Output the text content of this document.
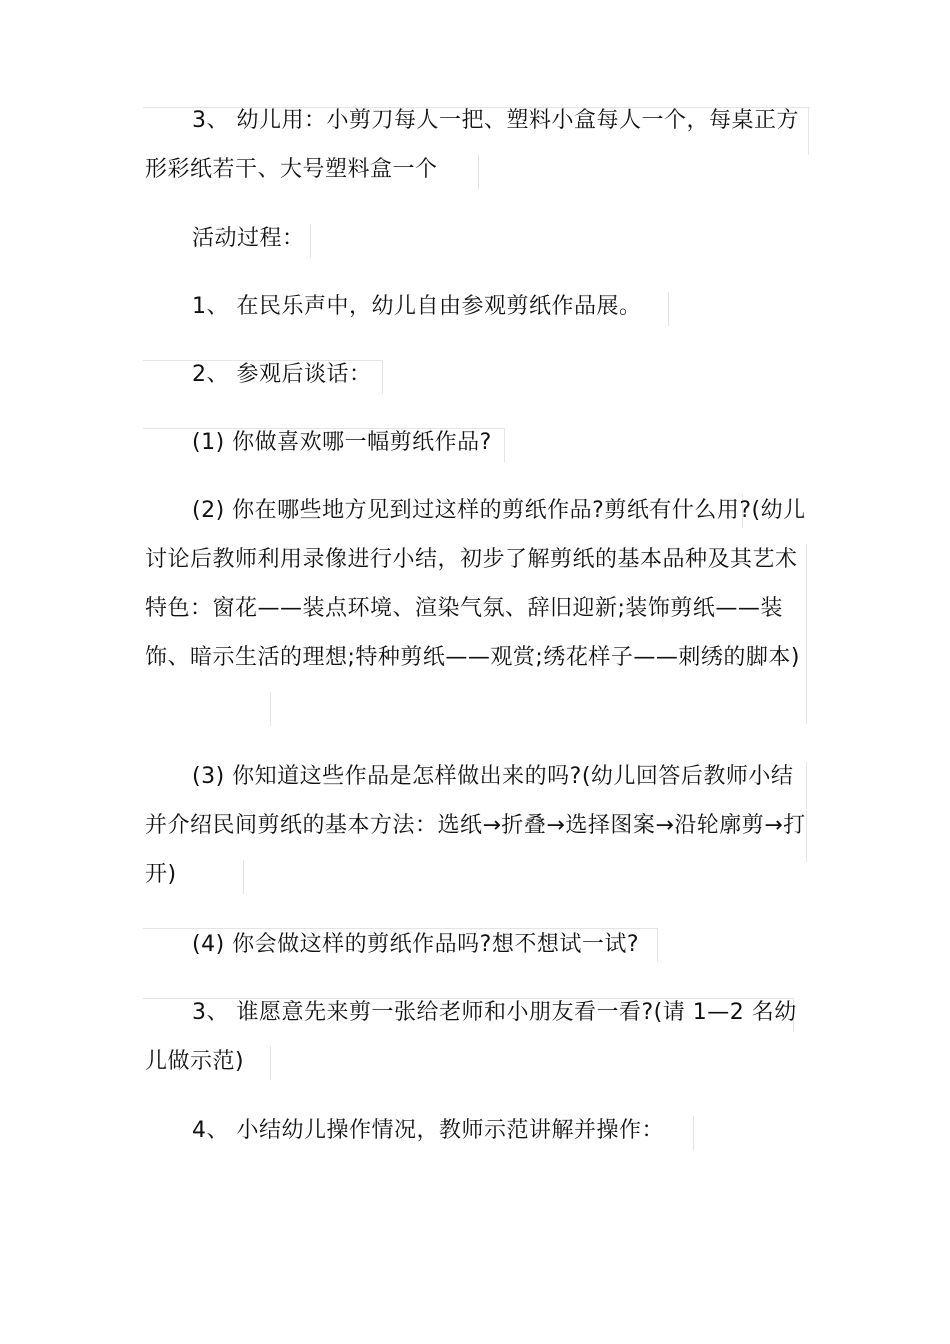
3、 幼儿用：小剪刀每人一把、塑料小盒每人一个，每桌正方形彩纸若干、大号塑料盒一个

活动过程：

1、 在民乐声中，幼儿自由参观剪纸作品展。

2、 参观后谈话：

(1) 你做喜欢哪一幅剪纸作品?

(2) 你在哪些地方见到过这样的剪纸作品?剪纸有什么用?(幼儿讨论后教师利用录像进行小结，初步了解剪纸的基本品种及其艺术特色：窗花——装点环境、渲染气氛、辞旧迎新;装饰剪纸——装饰、暗示生活的理想;特种剪纸——观赏;绣花样子——刺绣的脚本)

(3) 你知道这些作品是怎样做出来的吗?(幼儿回答后教师小结并介绍民间剪纸的基本方法：选纸→折叠→选择图案→沿轮廓剪→打开)

(4) 你会做这样的剪纸作品吗?想不想试一试?

3、 谁愿意先来剪一张给老师和小朋友看一看?(请 1—2 名幼儿做示范)

4、 小结幼儿操作情况，教师示范讲解并操作：
